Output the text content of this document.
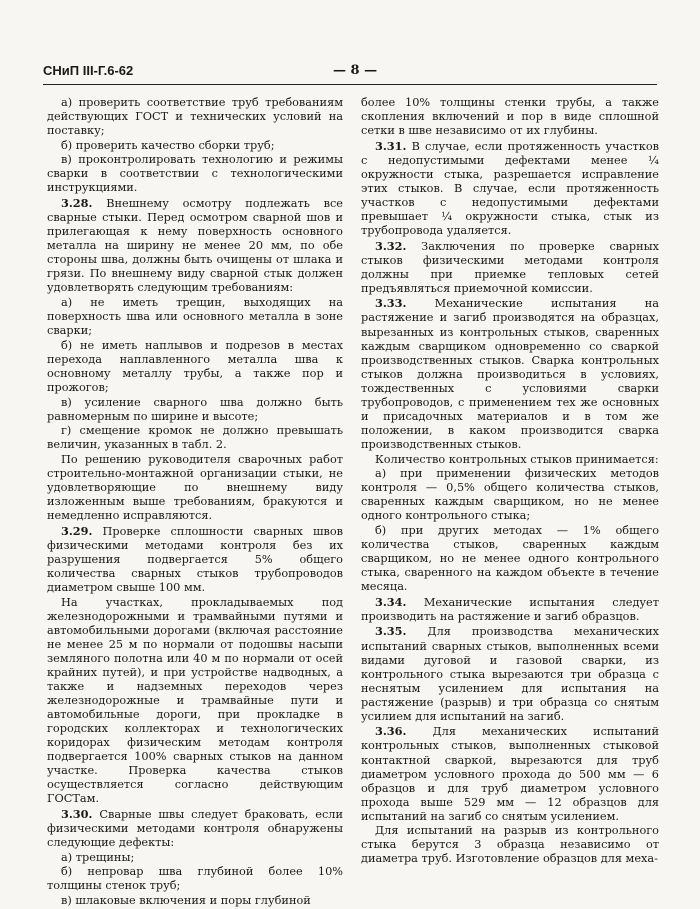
СНиП III-Г.6-62	— 8 —

а) проверить соответствие труб требованиям действующих ГОСТ и технических условий на поставку;

б) проверить качество сборки труб;

в) проконтролировать технологию и режимы сварки в соответствии с технологическими инструкциями.

3.28. Внешнему осмотру подлежать все сварные стыки. Перед осмотром сварной шов и прилегающая к нему поверхность основного металла на ширину не менее 20 мм, по обе стороны шва, должны быть очищены от шлака и грязи. По внешнему виду сварной стык должен удовлетворять следующим требованиям:

а) не иметь трещин, выходящих на поверхность шва или основного металла в зоне сварки;

б) не иметь наплывов и подрезов в местах перехода наплавленного металла шва к основному металлу трубы, а также пор и прожогов;

в) усиление сварного шва должно быть равномерным по ширине и высоте;

г) смещение кромок не должно превышать величин, указанных в табл. 2.

По решению руководителя сварочных работ строительно-монтажной организации стыки, не удовлетворяющие по внешнему виду изложенным выше требованиям, бракуются и немедленно исправляются.

3.29. Проверке сплошности сварных швов физическими методами контроля без их разрушения подвергается 5% общего количества сварных стыков трубопроводов диаметром свыше 100 мм.

На участках, прокладываемых под железнодорожными и трамвайными путями и автомобильными дорогами (включая расстояние не менее 25 м по нормали от подошвы насыпи земляного полотна или 40 м по нормали от осей крайних путей), и при устройстве надводных, а также и надземных переходов через железнодорожные и трамвайные пути и автомобильные дороги, при прокладке в городских коллекторах и технологических коридорах физическим методам контроля подвергается 100% сварных стыков на данном участке. Проверка качества стыков осуществляется согласно действующим ГОСТам.

3.30. Сварные швы следует браковать, если физическими методами контроля обнаружены следующие дефекты:

а) трещины;

б) непровар шва глубиной более 10% толщины стенок труб;

в) шлаковые включения и поры глубиной

более 10% толщины стенки трубы, а также скопления включений и пор в виде сплошной сетки в шве независимо от их глубины.

3.31. В случае, если протяженность участков с недопустимыми дефектами менее ¼ окружности стыка, разрешается исправление этих стыков. В случае, если протяженность участков с недопустимыми дефектами превышает ¼ окружности стыка, стык из трубопровода удаляется.

3.32. Заключения по проверке сварных стыков физическими методами контроля должны при приемке тепловых сетей предъявляться приемочной комиссии.

3.33. Механические испытания на растяжение и загиб производятся на образцах, вырезанных из контрольных стыков, сваренных каждым сварщиком одновременно со сваркой производственных стыков. Сварка контрольных стыков должна производиться в условиях, тождественных с условиями сварки трубопроводов, с применением тех же основных и присадочных материалов и в том же положении, в каком производится сварка производственных стыков.

Количество контрольных стыков принимается:

а) при применении физических методов контроля — 0,5% общего количества стыков, сваренных каждым сварщиком, но не менее одного контрольного стыка;

б) при других методах — 1% общего количества стыков, сваренных каждым сварщиком, но не менее одного контрольного стыка, сваренного на каждом объекте в течение месяца.

3.34. Механические испытания следует производить на растяжение и загиб образцов.

3.35. Для производства механических испытаний сварных стыков, выполненных всеми видами дуговой и газовой сварки, из контрольного стыка вырезаются три образца с неснятым усилением для испытания на растяжение (разрыв) и три образца со снятым усилием для испытаний на загиб.

3.36. Для механических испытаний контрольных стыков, выполненных стыковой контактной сваркой, вырезаются для труб диаметром условного прохода до 500 мм — 6 образцов и для труб диаметром условного прохода выше 529 мм — 12 образцов для испытаний на загиб со снятым усилением.

Для испытаний на разрыв из контрольного стыка берутся 3 образца независимо от диаметра труб. Изготовление образцов для меха-
